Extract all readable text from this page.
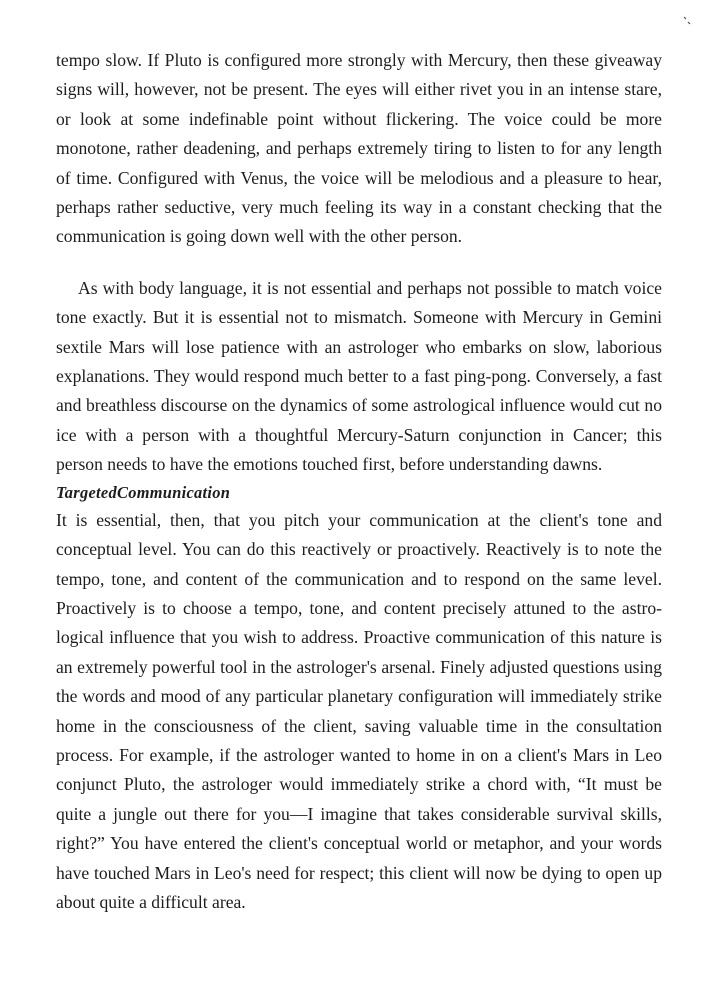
tempo slow. If Pluto is configured more strongly with Mercury, then these giveaway signs will, however, not be present. The eyes will either rivet you in an intense stare, or look at some indefinable point without flickering. The voice could be more monotone, rather deadening, and perhaps extremely tiring to listen to for any length of time. Configured with Venus, the voice will be melodious and a pleasure to hear, perhaps rather seductive, very much feeling its way in a constant checking that the communication is going down well with the other person.

As with body language, it is not essential and perhaps not possible to match voice tone exactly. But it is essential not to mismatch. Someone with Mercury in Gemini sextile Mars will lose patience with an astrologer who embarks on slow, laborious explanations. They would respond much better to a fast ping-pong. Conversely, a fast and breathless discourse on the dynamics of some astrological influence would cut no ice with a person with a thoughtful Mercury-Saturn conjunction in Cancer; this person needs to have the emotions touched first, before understanding dawns.

TargetedCommunication

It is essential, then, that you pitch your communication at the client's tone and conceptual level. You can do this reactively or proactively. Reactively is to note the tempo, tone, and content of the communication and to respond on the same level. Proactively is to choose a tempo, tone, and content precisely attuned to the astrological influence that you wish to address. Proactive communication of this nature is an extremely powerful tool in the astrologer's arsenal. Finely adjusted questions using the words and mood of any particular planetary configuration will immediately strike home in the consciousness of the client, saving valuable time in the consultation process. For example, if the astrologer wanted to home in on a client's Mars in Leo conjunct Pluto, the astrologer would immediately strike a chord with, “It must be quite a jungle out there for you—I imagine that takes considerable survival skills, right?” You have entered the client's conceptual world or metaphor, and your words have touched Mars in Leo's need for respect; this client will now be dying to open up about quite a difficult area.
